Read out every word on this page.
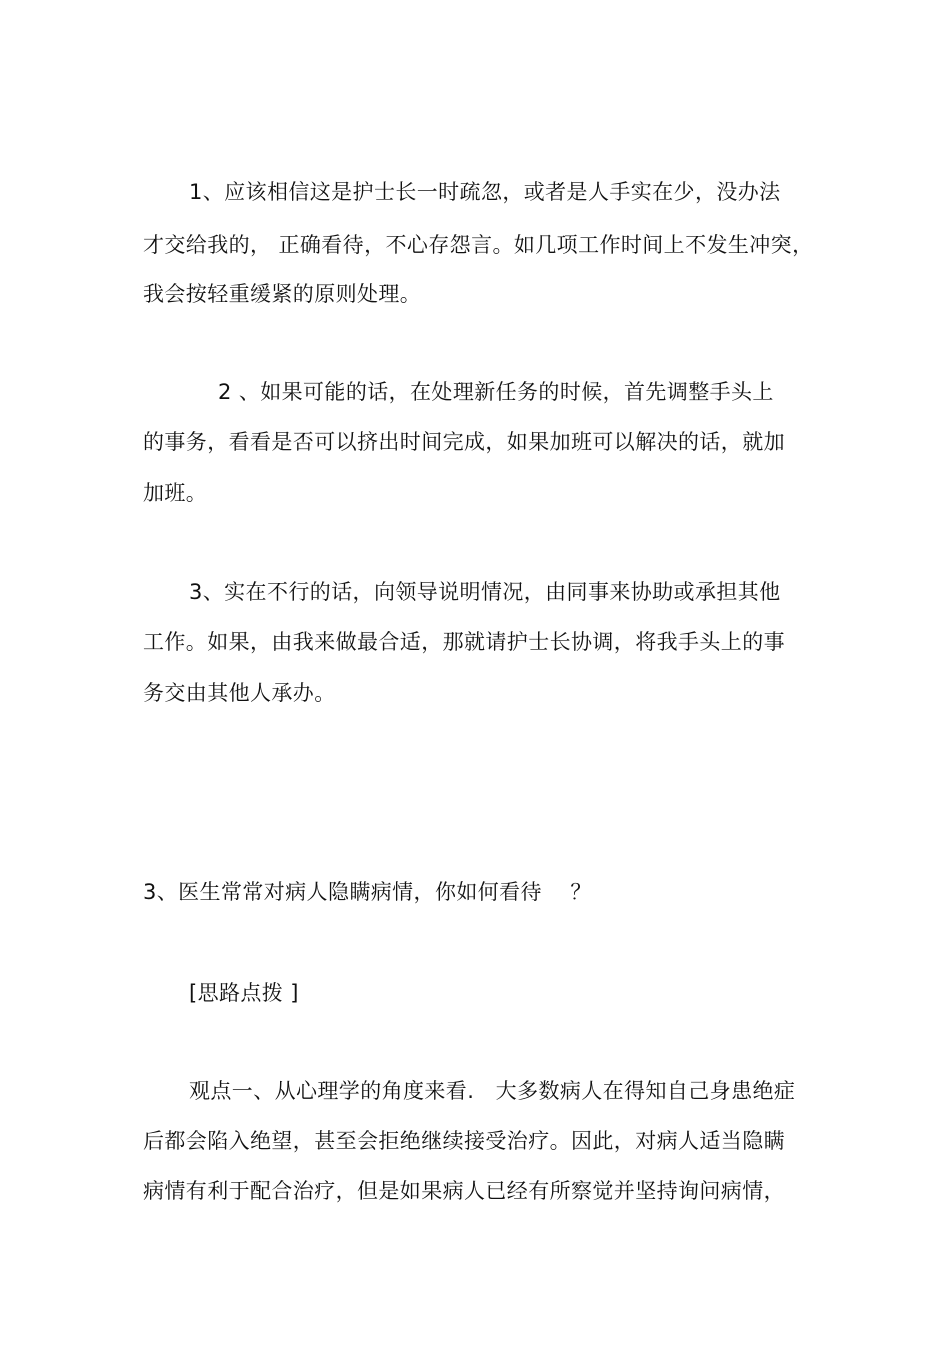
1、应该相信这是护士长一时疏忽，或者是人手实在少，没办法
才交给我的， 正确看待，不心存怨言。如几项工作时间上不发生冲突，
我会按轻重缓紧的原则处理。
2 、如果可能的话，在处理新任务的时候，首先调整手头上
的事务，看看是否可以挤出时间完成，如果加班可以解决的话，就加
加班。
3、实在不行的话，向领导说明情况，由同事来协助或承担其他
工作。如果，由我来做最合适，那就请护士长协调，将我手头上的事
务交由其他人承办。
3、医生常常对病人隐瞒病情，你如何看待　 ？
[思路点拨 ]
观点一、从心理学的角度来看.　大多数病人在得知自己身患绝症
后都会陷入绝望，甚至会拒绝继续接受治疗。因此，对病人适当隐瞒
病情有利于配合治疗，但是如果病人已经有所察觉并坚持询问病情，
